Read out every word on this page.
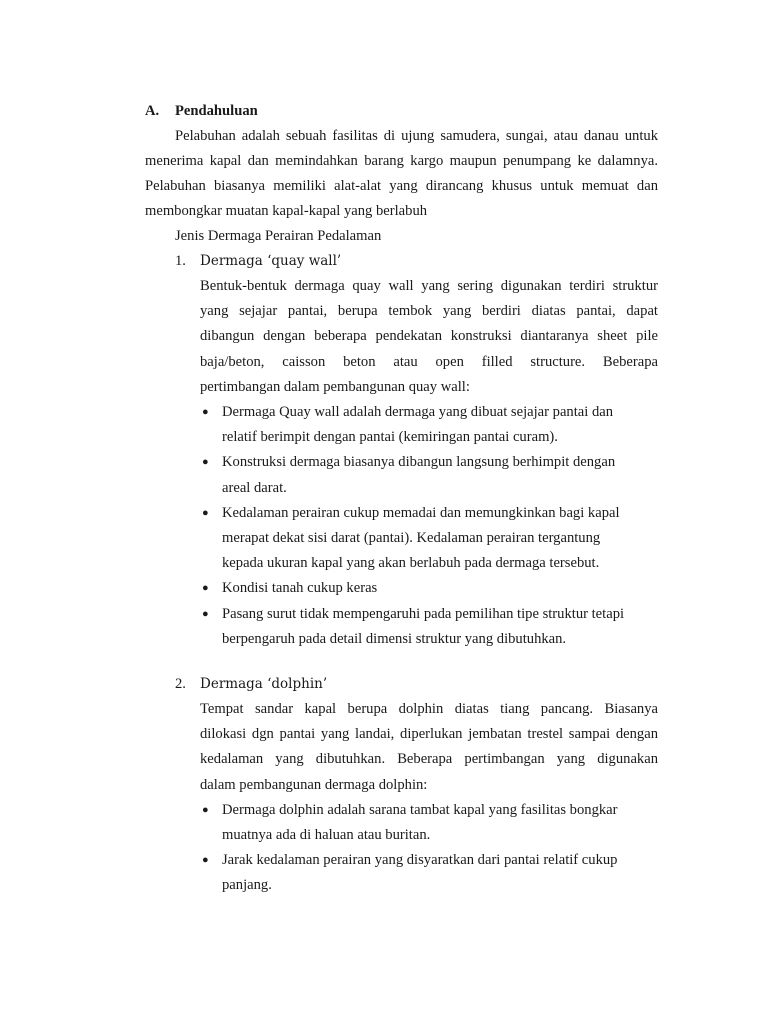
A.	Pendahuluan
Pelabuhan adalah sebuah fasilitas di ujung samudera, sungai, atau danau untuk
menerima kapal dan memindahkan barang kargo maupun penumpang ke dalamnya.
Pelabuhan biasanya memiliki alat-alat yang dirancang khusus untuk memuat dan
membongkar muatan kapal-kapal yang berlabuh
Jenis Dermaga Perairan Pedalaman
1.	Dermaga ‘quay wall’
Bentuk-bentuk dermaga quay wall yang sering digunakan terdiri struktur
yang sejajar pantai, berupa tembok yang berdiri diatas pantai, dapat
dibangun dengan beberapa pendekatan konstruksi diantaranya sheet pile
baja/beton, caisson beton atau open filled structure. Beberapa
pertimbangan dalam pembangunan quay wall:
● Dermaga Quay wall adalah dermaga yang dibuat sejajar pantai dan
relatif berimpit dengan pantai (kemiringan pantai curam).
● Konstruksi dermaga biasanya dibangun langsung berhimpit dengan
areal darat.
● Kedalaman perairan cukup memadai dan memungkinkan bagi kapal
merapat dekat sisi darat (pantai). Kedalaman perairan tergantung
kepada ukuran kapal yang akan berlabuh pada dermaga tersebut.
● Kondisi tanah cukup keras
● Pasang surut tidak mempengaruhi pada pemilihan tipe struktur tetapi
berpengaruh pada detail dimensi struktur yang dibutuhkan.
2.	Dermaga ‘dolphin’
Tempat sandar kapal berupa dolphin diatas tiang pancang. Biasanya
dilokasi dgn pantai yang landai, diperlukan jembatan trestel sampai dengan
kedalaman yang dibutuhkan. Beberapa pertimbangan yang digunakan
dalam pembangunan dermaga dolphin:
● Dermaga dolphin adalah sarana tambat kapal yang fasilitas bongkar
muatnya ada di haluan atau buritan.
● Jarak kedalaman perairan yang disyaratkan dari pantai relatif cukup
panjang.
